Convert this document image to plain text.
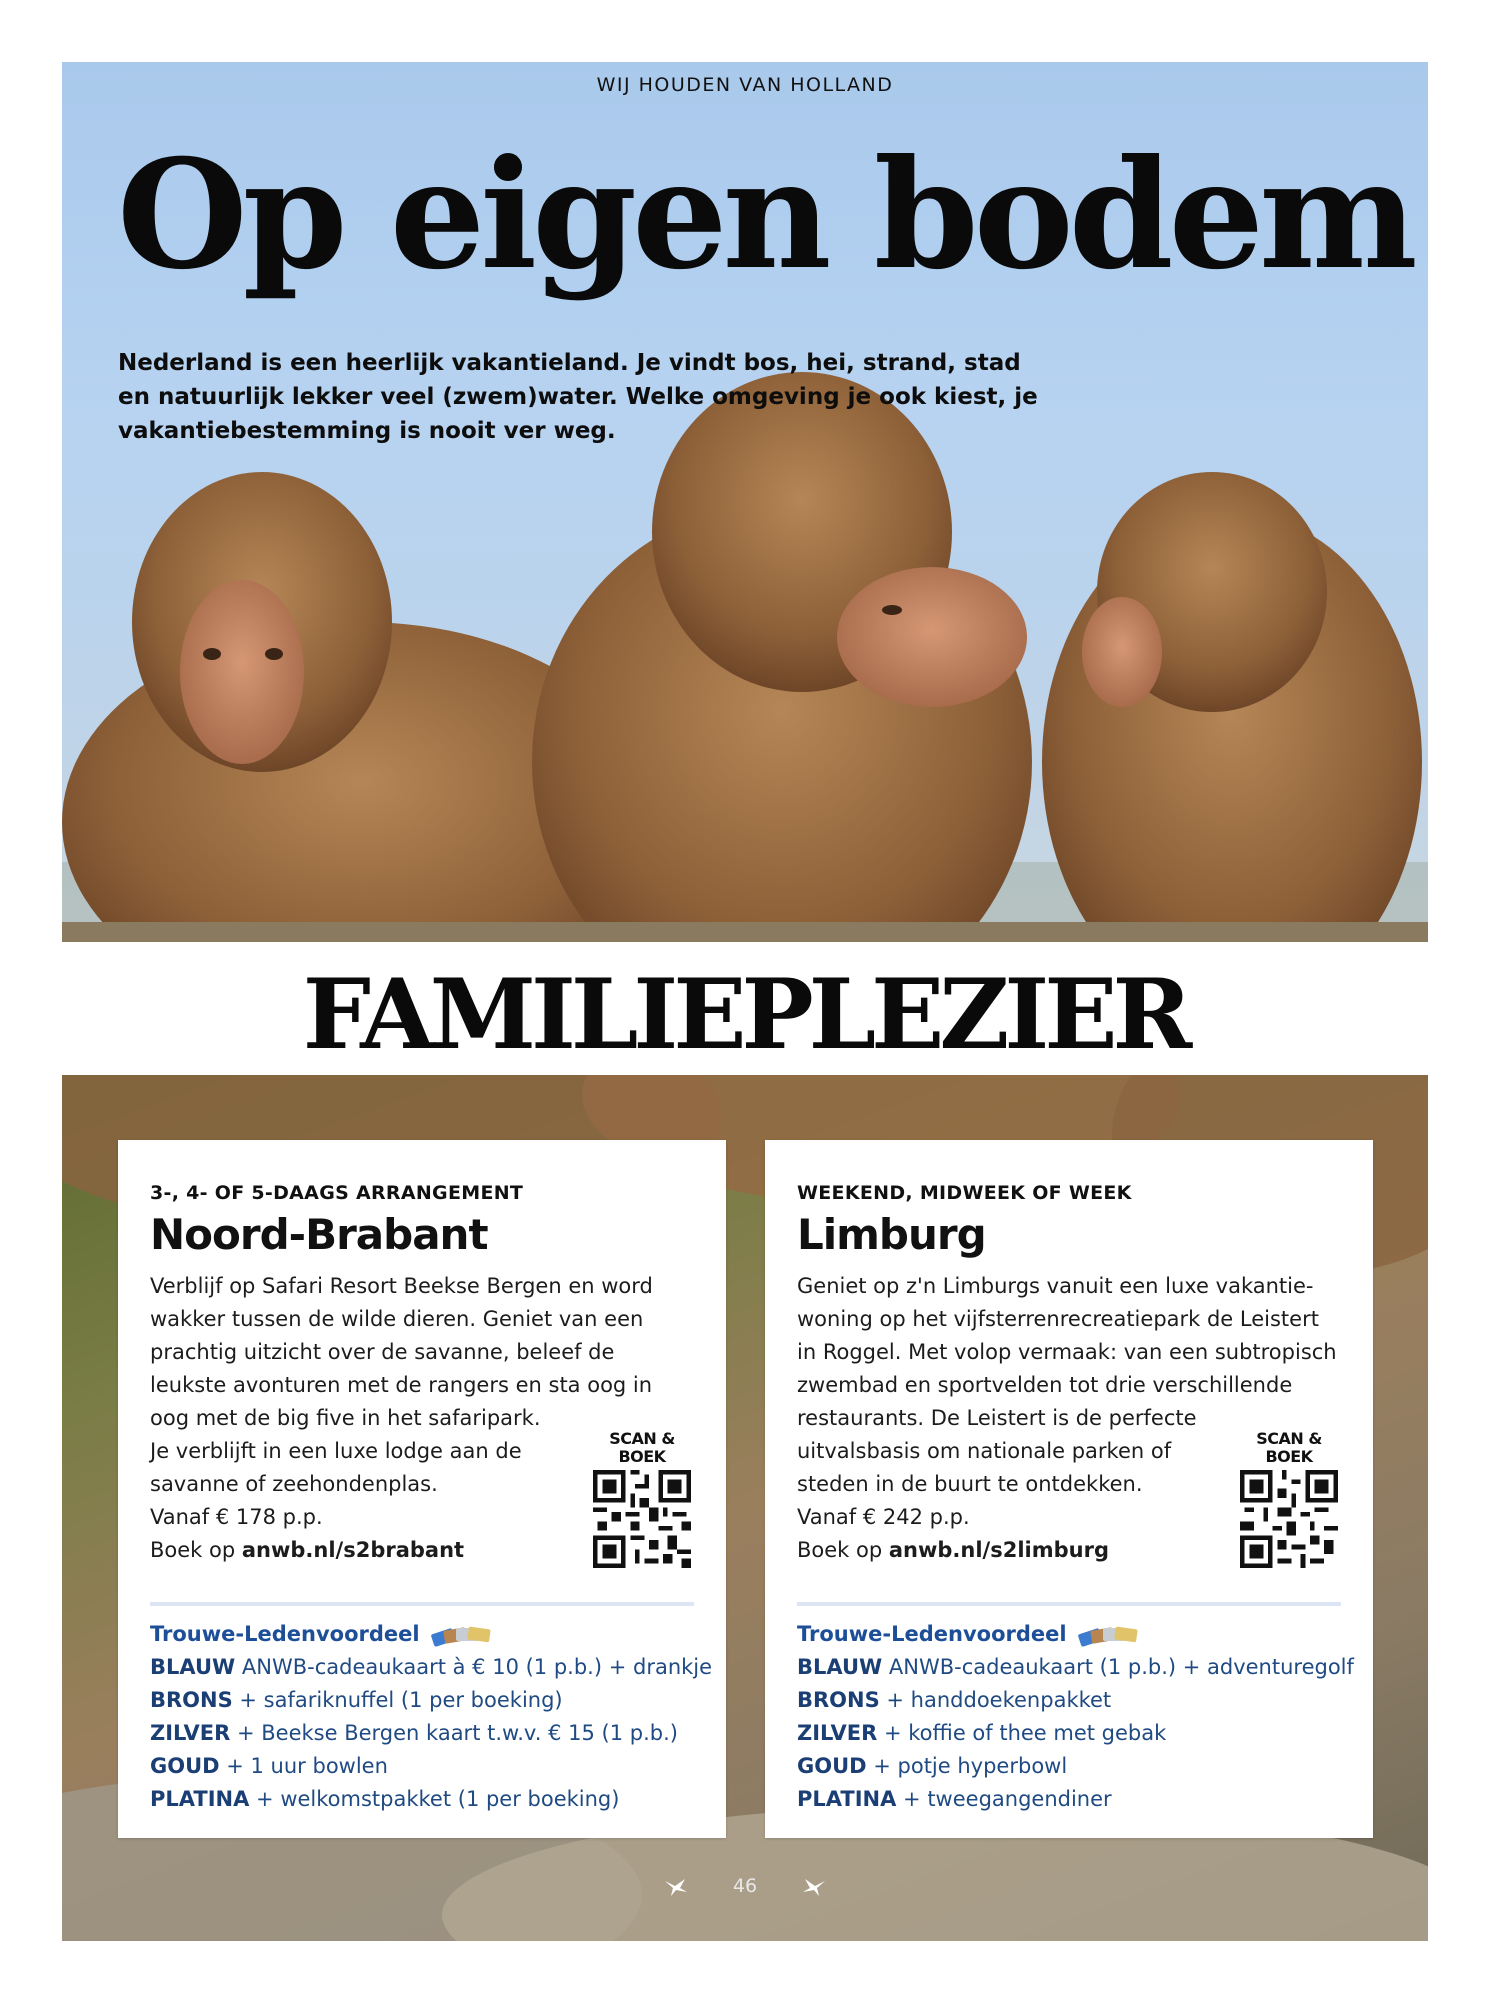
WIJ HOUDEN VAN HOLLAND
Op eigen bodem
Nederland is een heerlijk vakantieland. Je vindt bos, hei, strand, stad
en natuurlijk lekker veel (zwem)water. Welke omgeving je ook kiest, je
vakantiebestemming is nooit ver weg.
FAMILIEPLEZIER

3-, 4- OF 5-DAAGS ARRANGEMENT

Noord-Brabant
Verblijf op Safari Resort Beekse Bergen en word
wakker tussen de wilde dieren. Geniet van een
prachtig uitzicht over de savanne, beleef de
leukste avonturen met de rangers en sta oog in
oog met de big five in het safaripark.
Je verblijft in een luxe lodge aan de
savanne of zeehondenplas.
Vanaf € 178 p.p.
Boek op anwb.nl/s2brabant
SCAN &
BOEK
Trouwe-Ledenvoordeel
BLAUW ANWB-cadeaukaart à € 10 (1 p.b.) + drankje
BRONS + safariknuffel (1 per boeking)
ZILVER + Beekse Bergen kaart t.w.v. € 15 (1 p.b.)
GOUD + 1 uur bowlen
PLATINA + welkomstpakket (1 per boeking)

WEEKEND, MIDWEEK OF WEEK

Limburg
Geniet op z'n Limburgs vanuit een luxe vakantie-
woning op het vijfsterrenrecreatiepark de Leistert
in Roggel. Met volop vermaak: van een subtropisch
zwembad en sportvelden tot drie verschillende
restaurants. De Leistert is de perfecte
uitvalsbasis om nationale parken of
steden in de buurt te ontdekken.
Vanaf € 242 p.p.
Boek op anwb.nl/s2limburg
SCAN &
BOEK
Trouwe-Ledenvoordeel
BLAUW ANWB-cadeaukaart (1 p.b.) + adventuregolf
BRONS + handdoekenpakket
ZILVER + koffie of thee met gebak
GOUD + potje hyperbowl
PLATINA + tweegangendiner
46
